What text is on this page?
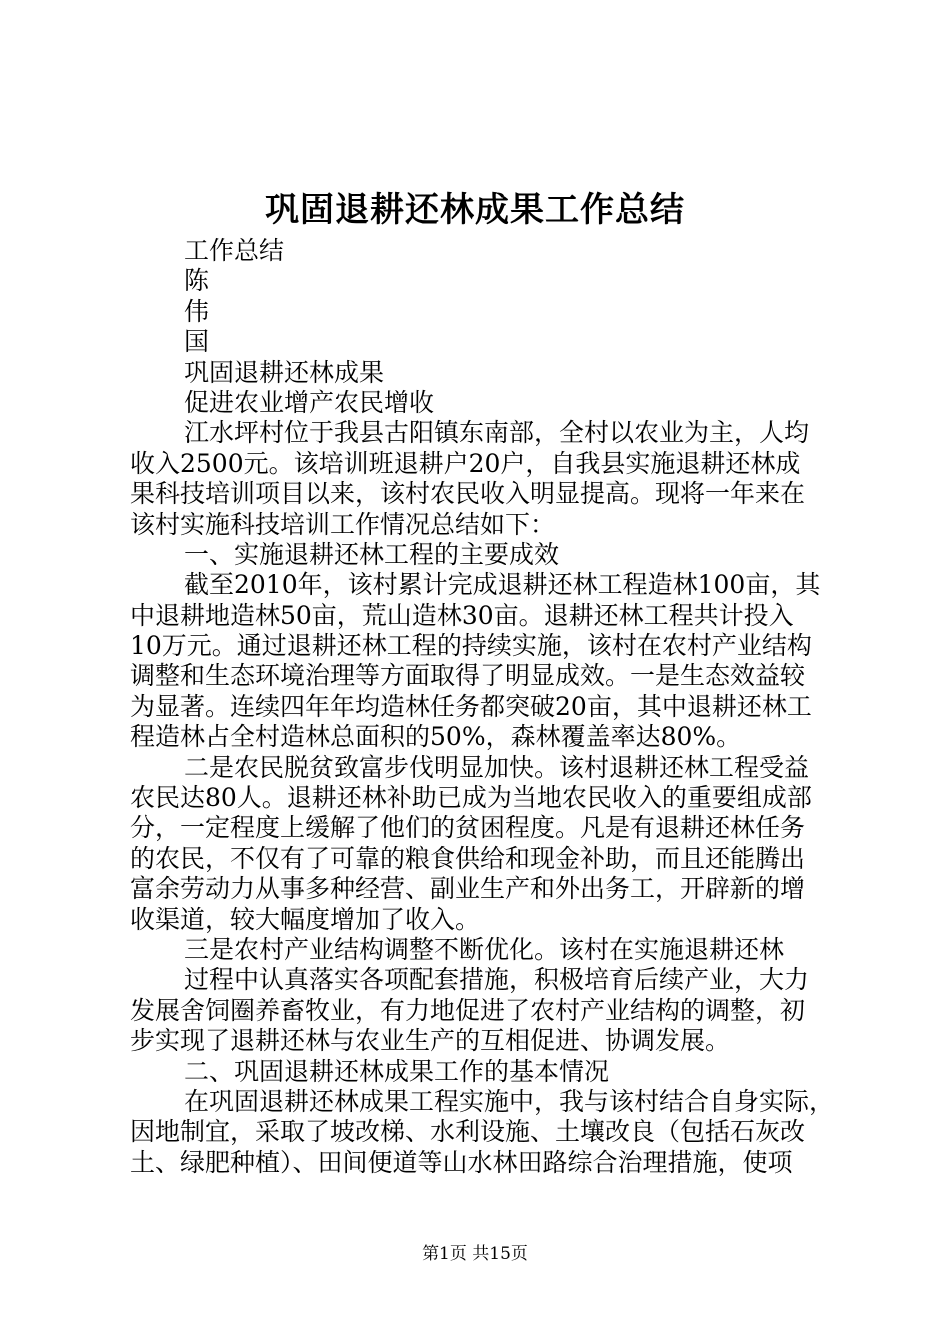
巩固退耕还林成果工作总结
工作总结
陈
伟
国
巩固退耕还林成果
促进农业增产农民增收
江水坪村位于我县古阳镇东南部，全村以农业为主，人均
收入2500元。该培训班退耕户20户，自我县实施退耕还林成
果科技培训项目以来，该村农民收入明显提高。现将一年来在
该村实施科技培训工作情况总结如下：
一、实施退耕还林工程的主要成效
截至2010年，该村累计完成退耕还林工程造林100亩，其
中退耕地造林50亩，荒山造林30亩。退耕还林工程共计投入
10万元。通过退耕还林工程的持续实施，该村在农村产业结构
调整和生态环境治理等方面取得了明显成效。一是生态效益较
为显著。连续四年年均造林任务都突破20亩，其中退耕还林工
程造林占全村造林总面积的50%，森林覆盖率达80%。
二是农民脱贫致富步伐明显加快。该村退耕还林工程受益
农民达80人。退耕还林补助已成为当地农民收入的重要组成部
分，一定程度上缓解了他们的贫困程度。凡是有退耕还林任务
的农民，不仅有了可靠的粮食供给和现金补助，而且还能腾出
富余劳动力从事多种经营、副业生产和外出务工，开辟新的增
收渠道，较大幅度增加了收入。
三是农村产业结构调整不断优化。该村在实施退耕还林
过程中认真落实各项配套措施，积极培育后续产业，大力
发展舍饲圈养畜牧业，有力地促进了农村产业结构的调整，初
步实现了退耕还林与农业生产的互相促进、协调发展。
二、巩固退耕还林成果工作的基本情况
在巩固退耕还林成果工程实施中，我与该村结合自身实际，
因地制宜，采取了坡改梯、水利设施、土壤改良（包括石灰改
土、绿肥种植）、田间便道等山水林田路综合治理措施，使项
第1页 共15页
